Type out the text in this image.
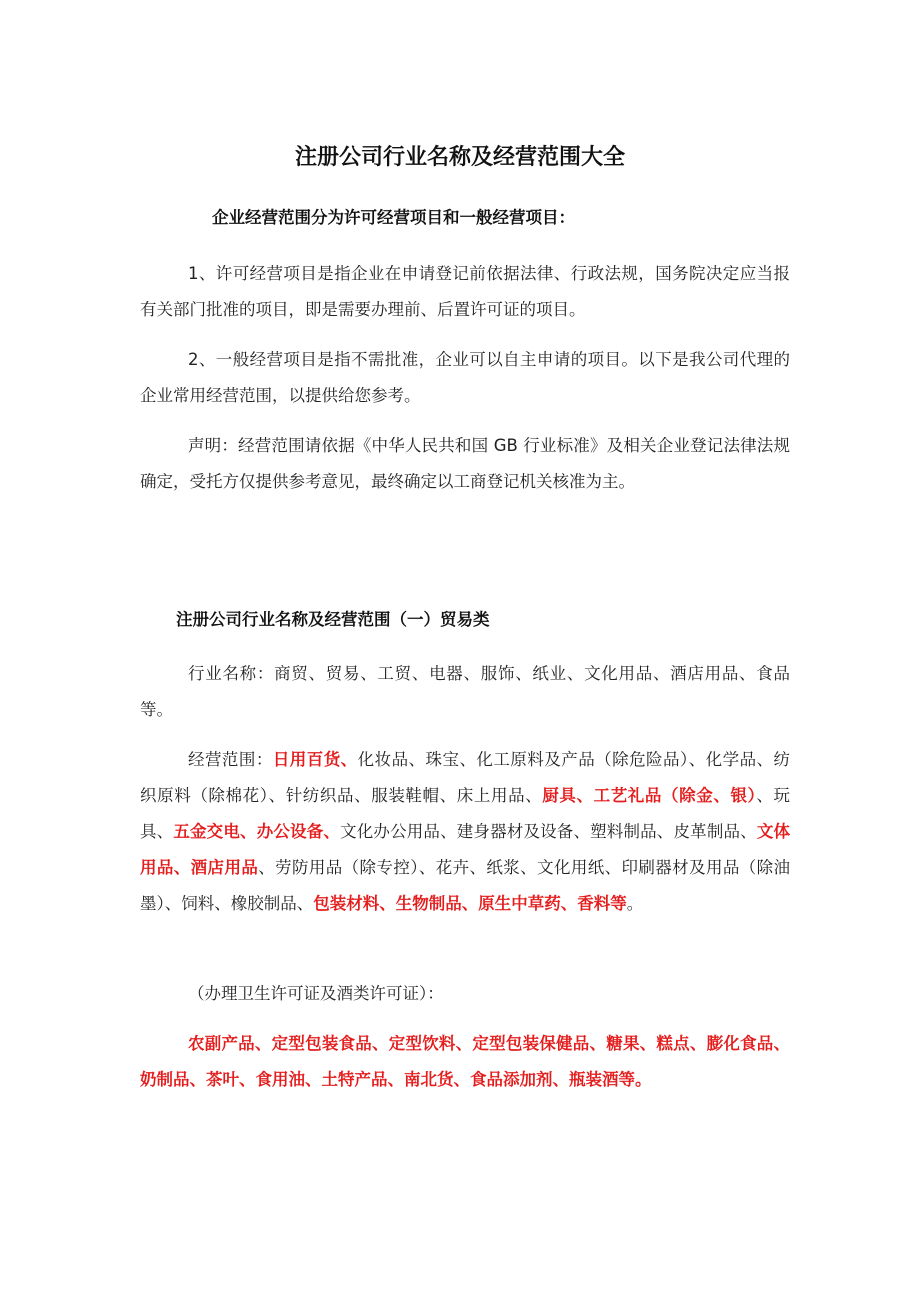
注册公司行业名称及经营范围大全
企业经营范围分为许可经营项目和一般经营项目：

1、许可经营项目是指企业在申请登记前依据法律、行政法规，国务院决定应当报有关部门批准的项目，即是需要办理前、后置许可证的项目。

2、一般经营项目是指不需批准，企业可以自主申请的项目。以下是我公司代理的企业常用经营范围，以提供给您参考。

声明：经营范围请依据《中华人民共和国 GB 行业标准》及相关企业登记法律法规确定，受托方仅提供参考意见，最终确定以工商登记机关核准为主。

注册公司行业名称及经营范围（一）贸易类

行业名称：商贸、贸易、工贸、电器、服饰、纸业、文化用品、酒店用品、食品等。

经营范围：日用百货、化妆品、珠宝、化工原料及产品（除危险品）、化学品、纺织原料（除棉花）、针纺织品、服装鞋帽、床上用品、厨具、工艺礼品（除金、银）、玩具、五金交电、办公设备、文化办公用品、建身器材及设备、塑料制品、皮革制品、文体用品、酒店用品、劳防用品（除专控）、花卉、纸浆、文化用纸、印刷器材及用品（除油墨）、饲料、橡胶制品、包装材料、生物制品、原生中草药、香料等。

（办理卫生许可证及酒类许可证）：

农副产品、定型包装食品、定型饮料、定型包装保健品、糖果、糕点、膨化食品、奶制品、茶叶、食用油、土特产品、南北货、食品添加剂、瓶装酒等。
